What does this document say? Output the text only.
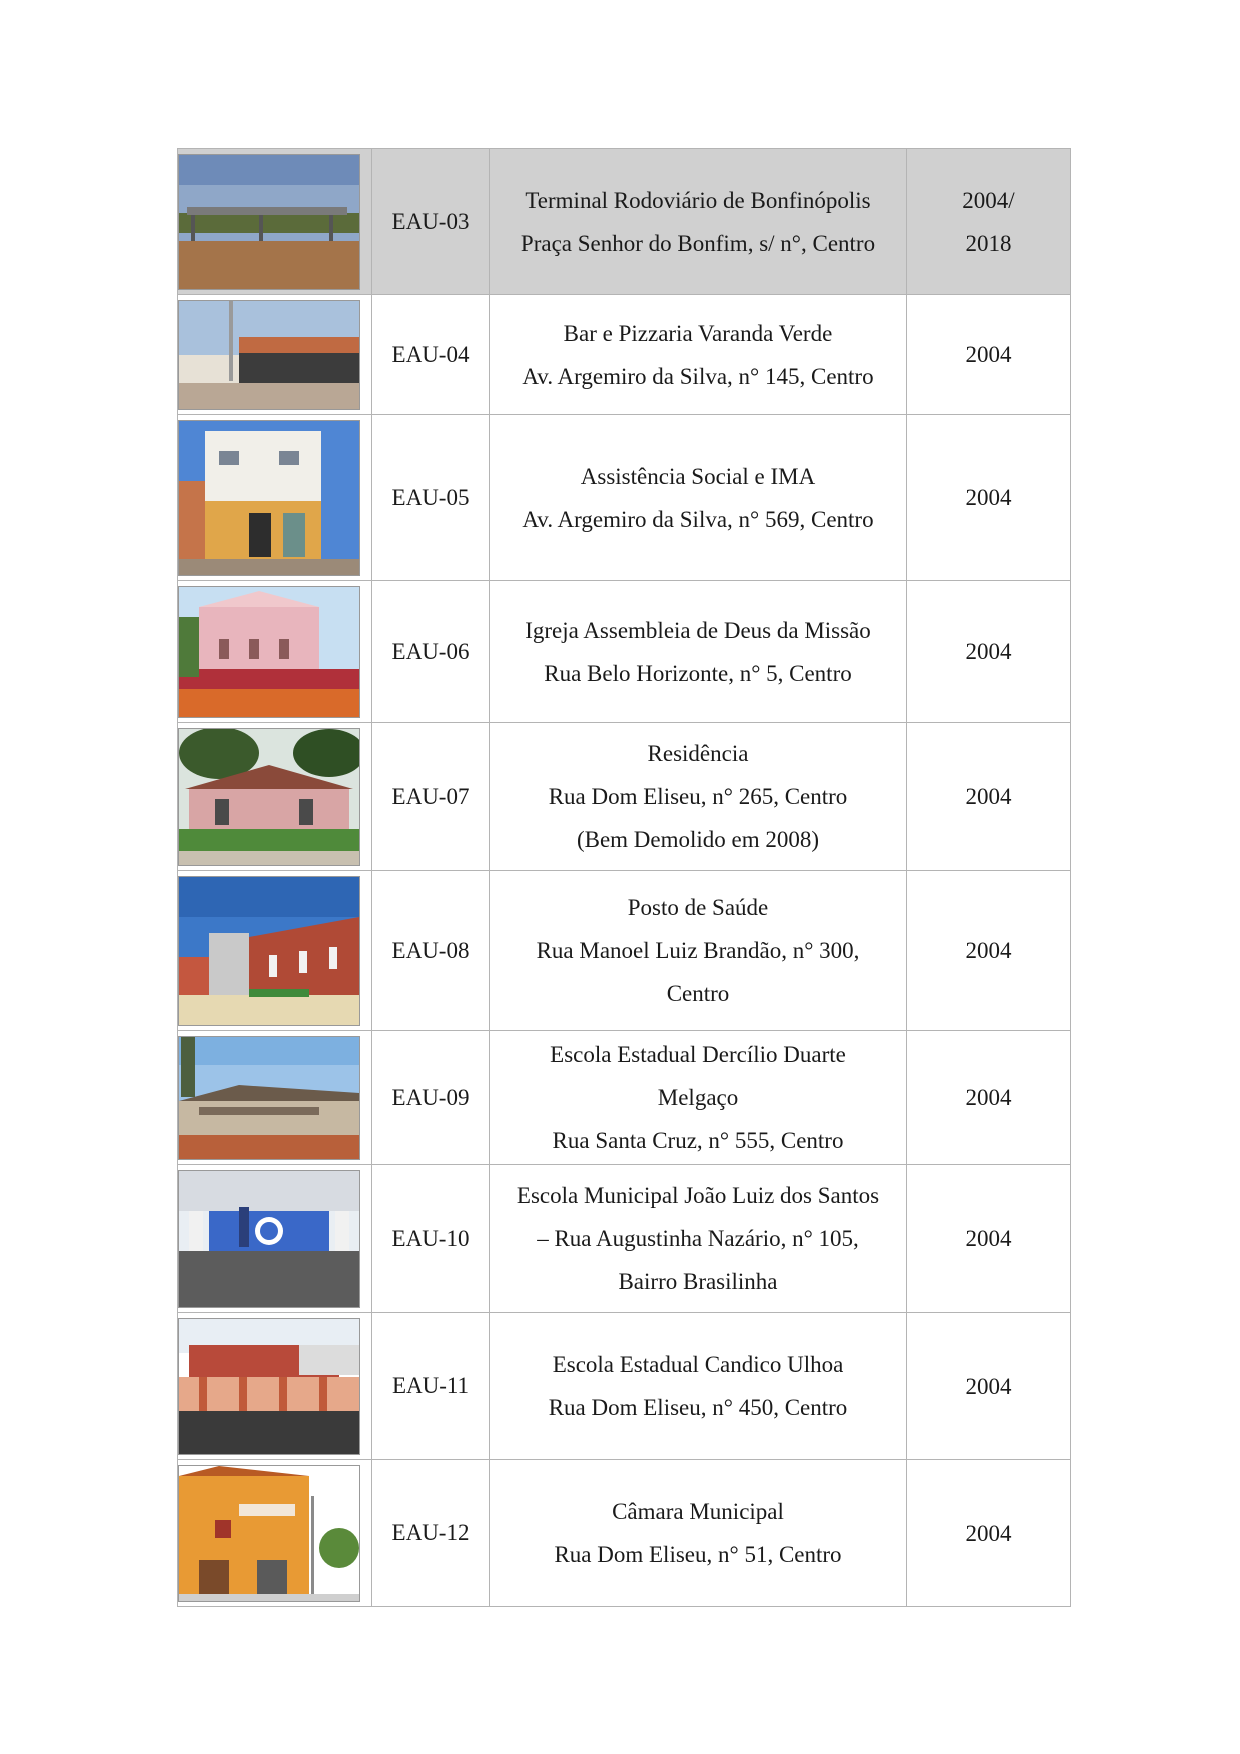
	EAU-03	Terminal Rodoviário de Bonfinópolis
Praça Senhor do Bonfim, s/ n°, Centro	2004/
2018

	EAU-04	Bar e Pizzaria Varanda Verde
Av. Argemiro da Silva, n° 145, Centro	2004

	EAU-05	Assistência Social e IMA
Av. Argemiro da Silva, n° 569, Centro	2004

	EAU-06	Igreja Assembleia de Deus da Missão
Rua Belo Horizonte, n° 5, Centro	2004

	EAU-07	Residência
Rua Dom Eliseu, n° 265, Centro
(Bem Demolido em 2008)	2004

	EAU-08	Posto de Saúde
Rua Manoel Luiz Brandão, n° 300,
Centro	2004

	EAU-09	Escola Estadual Dercílio Duarte
Melgaço
Rua Santa Cruz, n° 555, Centro	2004

	EAU-10	Escola Municipal João Luiz dos Santos
– Rua Augustinha Nazário, n° 105,
Bairro Brasilinha	2004

	EAU-11	Escola Estadual Candico Ulhoa
Rua Dom Eliseu, n° 450, Centro	2004

	EAU-12	Câmara Municipal
Rua Dom Eliseu, n° 51, Centro	2004
